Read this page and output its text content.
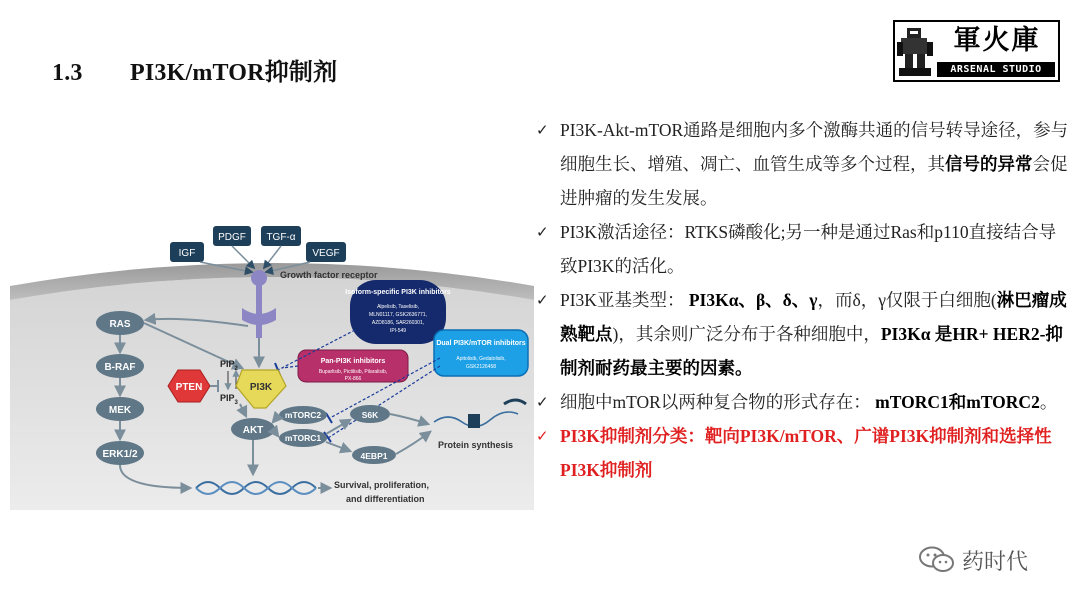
1.3 PI3K/mTOR抑制剂
軍火庫
ARSENAL STUDIO
IGF
PDGF TGF-α
VEGF
Growth factor receptor
Isoform-specific PI3K inhibitors
Alpelisib, Taselisib,
MLN01117, GSK2636771,
AZD8186, SAR260301,
IPI-549
Dual PI3K/mTOR inhibitors
Apitolisib, Gedatolisib,
GSK2126458
Pan-PI3K inhibitors
Buparlisib, Pictilisib, Pilaralisib,
PX-866
RAS
B-RAF
MEK
ERK1/2
PTEN
$PIP_2$
$PIP_3$
PI3K
AKT
mTORC2
mTORC1
S6K
4EBP1
Protein synthesis
Survival, proliferation,
and differentiation
✓ PI3K-Akt-mTOR通路是细胞内多个激酶共通的信号转导途径，参与细胞生长、增殖、凋亡、血管生成等多个过程，其信号的异常会促进肿瘤的发生发展。
✓ PI3K激活途径：RTKS磷酸化;另一种是通过Ras和p110直接结合导致PI3K的活化。
✓ PI3K亚基类型： PI3Kα、β、δ、γ，而δ，γ仅限于白细胞(淋巴瘤成熟靶点)，其余则广泛分布于各种细胞中，PI3Kα 是HR+ HER2-抑制剂耐药最主要的因素。
✓ 细胞中mTOR以两种复合物的形式存在： mTORC1和mTORC2。
✓ PI3K抑制剂分类：靶向PI3K/mTOR、广谱PI3K抑制剂和选择性PI3K抑制剂
药时代
